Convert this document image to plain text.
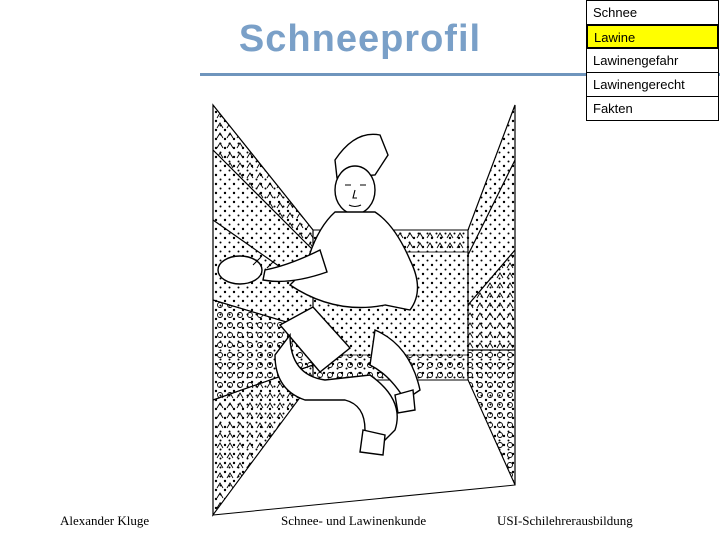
Schneeprofil
Schnee
Lawine
Lawinengefahr
Lawinengerecht
Fakten
Alexander Kluge	Schnee- und Lawinenkunde	USI-Schilehrerausbildung
